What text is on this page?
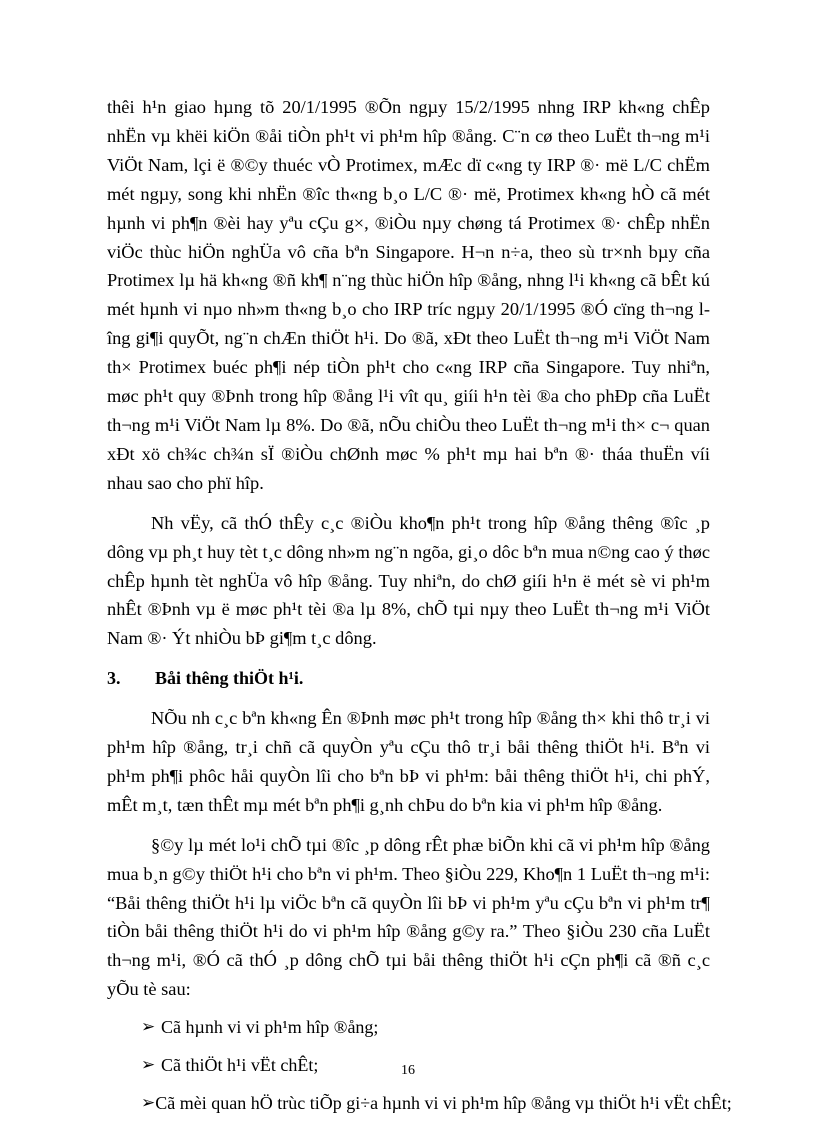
thêi h¹n giao hµng tõ 20/1/1995 ®Õn ngµy 15/2/1995 nhng IRP kh«ng chÊp nhËn vµ khëi kiÖn ®åi tiÒn ph¹t vi ph¹m hîp ®ång. C¨n cø theo LuËt th¬ng m¹i ViÖt Nam, lçi ë ®©y thuéc vÒ Protimex, mÆc dï c«ng ty IRP ®· më L/C chËm mét ngµy, song khi nhËn ®îc th«ng b¸o L/C ®· më, Protimex kh«ng hÒ cã mét hµnh vi ph¶n ®èi hay yªu cÇu g×, ®iÒu nµy chøng tá Protimex ®· chÊp nhËn viÖc thùc hiÖn nghÜa vô cña bªn Singapore. H¬n n÷a, theo sù tr×nh bµy cña Protimex lµ hä kh«ng ®ñ kh¶ n¨ng thùc hiÖn hîp ®ång, nhng l¹i kh«ng cã bÊt kú mét hµnh vi nµo nh»m th«ng b¸o cho IRP tríc ngµy 20/1/1995 ®Ó cïng th¬ng lîng gi¶i quyÕt, ng¨n chÆn thiÖt h¹i. Do ®ã, xÐt theo LuËt th¬ng m¹i ViÖt Nam th× Protimex buéc ph¶i nép tiÒn ph¹t cho c«ng IRP cña Singapore. Tuy nhiªn, møc ph¹t quy ®Þnh trong hîp ®ång l¹i vît qu¸ giíi h¹n tèi ®a cho phÐp cña LuËt th¬ng m¹i ViÖt Nam lµ 8%. Do ®ã, nÕu chiÒu theo LuËt th¬ng m¹i th× c¬ quan xÐt xö ch¾c ch¾n sÏ ®iÒu chØnh møc % ph¹t mµ hai bªn ®· tháa thuËn víi nhau sao cho phï hîp.

Nh vËy, cã thÓ thÊy c¸c ®iÒu kho¶n ph¹t trong hîp ®ång thêng ®îc ¸p dông vµ ph¸t huy tèt t¸c dông nh»m ng¨n ngõa, gi¸o dôc bªn mua n©ng cao ý thøc chÊp hµnh tèt nghÜa vô hîp ®ång. Tuy nhiªn, do chØ giíi h¹n ë mét sè vi ph¹m nhÊt ®Þnh vµ ë møc ph¹t tèi ®a lµ 8%, chÕ tµi nµy theo LuËt th¬ng m¹i ViÖt Nam ®· Ýt nhiÒu bÞ gi¶m t¸c dông.

3.	Båi thêng thiÖt h¹i.

NÕu nh c¸c bªn kh«ng Ên ®Þnh møc ph¹t trong hîp ®ång th× khi thô tr¸i vi ph¹m hîp ®ång, tr¸i chñ cã quyÒn yªu cÇu thô tr¸i båi thêng thiÖt h¹i. Bªn vi ph¹m ph¶i phôc håi quyÒn lîi cho bªn bÞ vi ph¹m: båi thêng thiÖt h¹i, chi phÝ, mÊt m¸t, tæn thÊt mµ mét bªn ph¶i g¸nh chÞu do bªn kia vi ph¹m hîp ®ång.

§©y lµ mét lo¹i chÕ tµi ®îc ¸p dông rÊt phæ biÕn khi cã vi ph¹m hîp ®ång mua b¸n g©y thiÖt h¹i cho bªn vi ph¹m. Theo §iÒu 229, Kho¶n 1 LuËt th¬ng m¹i: “Båi thêng thiÖt h¹i lµ viÖc bªn cã quyÒn lîi bÞ vi ph¹m yªu cÇu bªn vi ph¹m tr¶ tiÒn båi thêng thiÖt h¹i do vi ph¹m hîp ®ång g©y ra.” Theo §iÒu 230 cña LuËt th¬ng m¹i, ®Ó cã thÓ ¸p dông chÕ tµi båi thêng thiÖt h¹i cÇn ph¶i cã ®ñ c¸c yÕu tè sau:

➢ Cã hµnh vi vi ph¹m hîp ®ång;
➢ Cã thiÖt h¹i vËt chÊt;
➢ Cã mèi quan hÖ trùc tiÕp gi÷a hµnh vi vi ph¹m hîp ®ång vµ thiÖt h¹i vËt chÊt;
16
